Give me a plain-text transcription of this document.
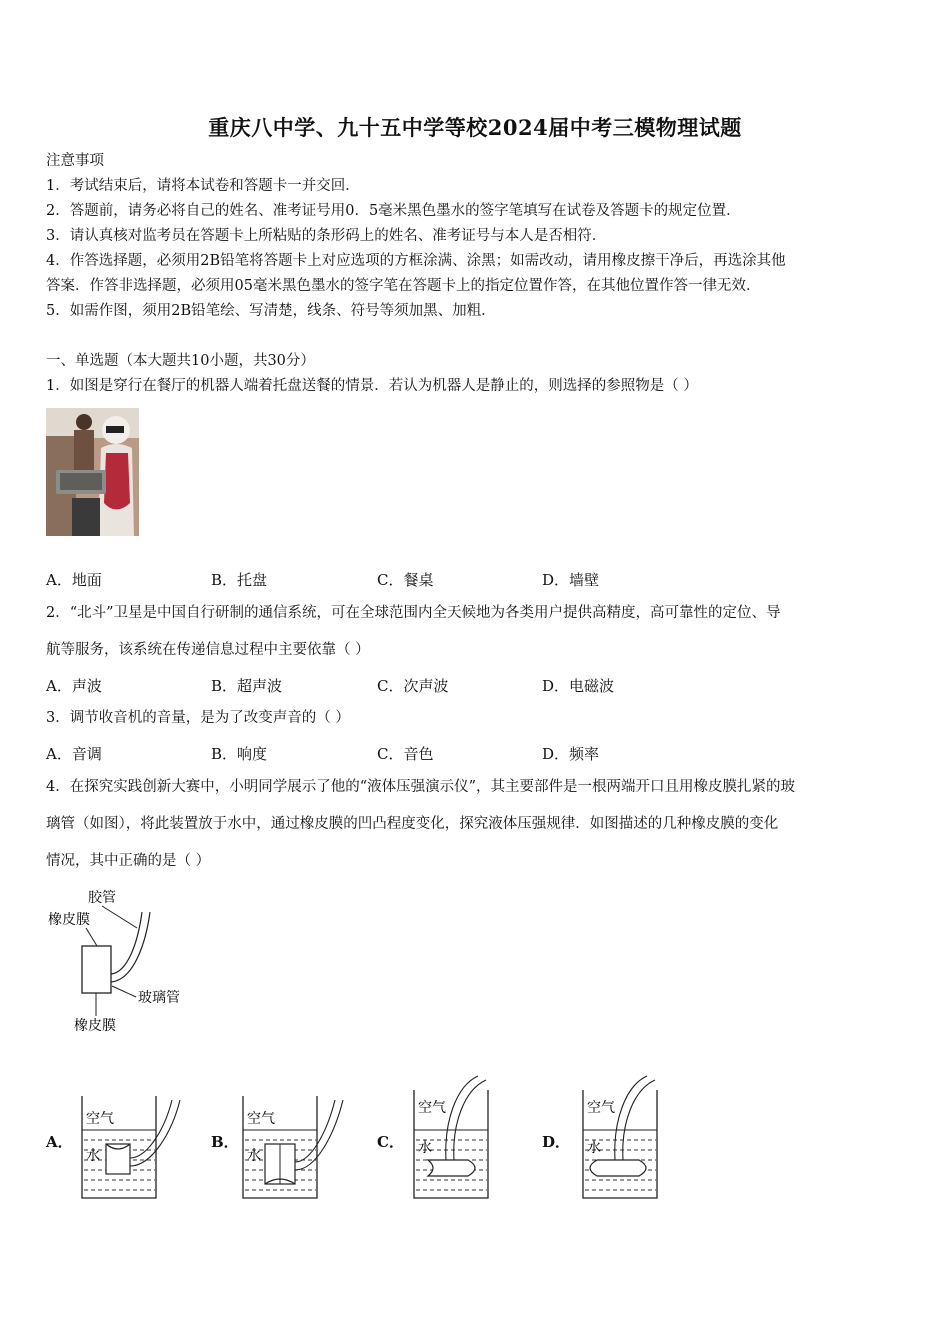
重庆八中学、九十五中学等校2024届中考三模物理试题
注意事项
1．考试结束后，请将本试卷和答题卡一并交回．
2．答题前，请务必将自己的姓名、准考证号用0．5毫米黑色墨水的签字笔填写在试卷及答题卡的规定位置．
3．请认真核对监考员在答题卡上所粘贴的条形码上的姓名、准考证号与本人是否相符．
4．作答选择题，必须用2B铅笔将答题卡上对应选项的方框涂满、涂黑；如需改动，请用橡皮擦干净后，再选涂其他
答案．作答非选择题，必须用05毫米黑色墨水的签字笔在答题卡上的指定位置作答，在其他位置作答一律无效．
5．如需作图，须用2B铅笔绘、写清楚，线条、符号等须加黑、加粗．
一、单选题（本大题共10小题，共30分）
1．如图是穿行在餐厅的机器人端着托盘送餐的情景．若认为机器人是静止的，则选择的参照物是（ ）
A．地面	B．托盘	C．餐桌	D．墙壁
2．“北斗”卫星是中国自行研制的通信系统，可在全球范围内全天候地为各类用户提供高精度，高可靠性的定位、导
航等服务，该系统在传递信息过程中主要依靠（ ）
A．声波	B．超声波	C．次声波	D．电磁波
3．调节收音机的音量，是为了改变声音的（ ）
A．音调	B．响度	C．音色	D．频率
4．在探究实践创新大赛中，小明同学展示了他的“液体压强演示仪”，其主要部件是一根两端开口且用橡皮膜扎紧的玻
璃管（如图），将此装置放于水中，通过橡皮膜的凹凸程度变化，探究液体压强规律．如图描述的几种橡皮膜的变化
情况，其中正确的是（ ）
胶管
橡皮膜
玻璃管
橡皮膜
A．
空气
水
B．
空气
水
C．
空气
水	D．
空气
水
